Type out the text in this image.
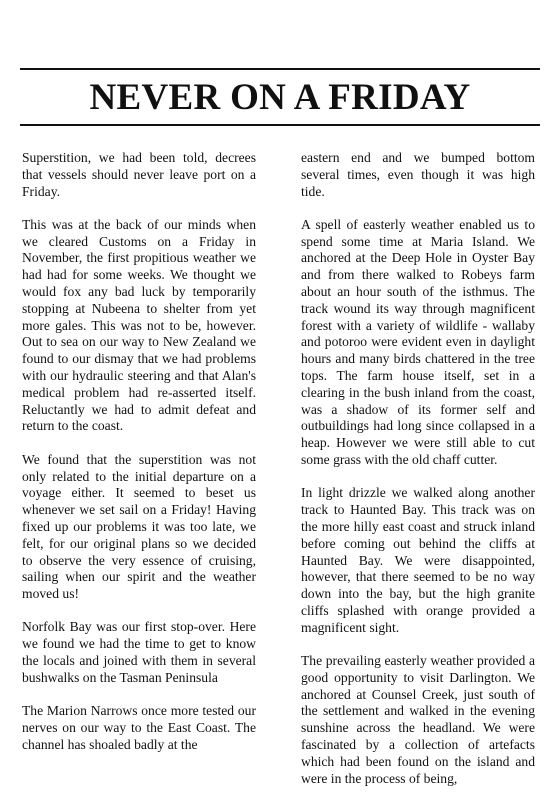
NEVER ON A FRIDAY

Superstition, we had been told, decrees that vessels should never leave port on a Friday.

This was at the back of our minds when we cleared Customs on a Friday in November, the first propitious weather we had had for some weeks. We thought we would fox any bad luck by temporarily stopping at Nubeena to shelter from yet more gales. This was not to be, however. Out to sea on our way to New Zealand we found to our dismay that we had problems with our hydraulic steering and that Alan's medical problem had re-asserted itself. Reluctantly we had to admit defeat and return to the coast.

We found that the superstition was not only related to the initial departure on a voyage either. It seemed to beset us whenever we set sail on a Friday! Having fixed up our problems it was too late, we felt, for our original plans so we decided to observe the very essence of cruising, sailing when our spirit and the weather moved us!

Norfolk Bay was our first stop-over. Here we found we had the time to get to know the locals and joined with them in several bushwalks on the Tasman Peninsula

The Marion Narrows once more tested our nerves on our way to the East Coast. The channel has shoaled badly at the

eastern end and we bumped bottom several times, even though it was high tide.

A spell of easterly weather enabled us to spend some time at Maria Island. We anchored at the Deep Hole in Oyster Bay and from there walked to Robeys farm about an hour south of the isthmus. The track wound its way through magnificent forest with a variety of wildlife - wallaby and potoroo were evident even in daylight hours and many birds chattered in the tree tops. The farm house itself, set in a clearing in the bush inland from the coast, was a shadow of its former self and outbuildings had long since collapsed in a heap. However we were still able to cut some grass with the old chaff cutter.

In light drizzle we walked along another track to Haunted Bay. This track was on the more hilly east coast and struck inland before coming out behind the cliffs at Haunted Bay. We were disappointed, however, that there seemed to be no way down into the bay, but the high granite cliffs splashed with orange provided a magnificent sight.

The prevailing easterly weather provided a good opportunity to visit Darlington. We anchored at Counsel Creek, just south of the settlement and walked in the evening sunshine across the headland. We were fascinated by a collection of artefacts which had been found on the island and were in the process of being,
